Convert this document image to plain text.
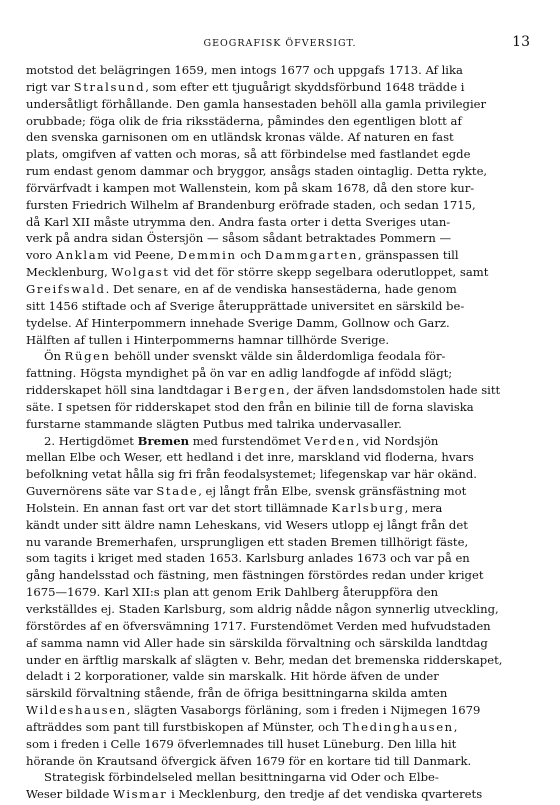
GEOGRAFISK ÖFVERSIGT.	13
motstod det belägringen 1659, men intogs 1677 och uppgafs 1713. Af lika
rigt var Stralsund, som efter ett tjuguårigt skyddsförbund 1648 trädde i
undersåtligt förhållande. Den gamla hansestaden behöll alla gamla privilegier
orubbade; föga olik de fria riksstäderna, påmindes den egentligen blott af
den svenska garnisonen om en utländsk kronas välde. Af naturen en fast
plats, omgifven af vatten och moras, så att förbindelse med fastlandet egde
rum endast genom dammar och bryggor, ansågs staden ointaglig. Detta rykte,
förvärfvadt i kampen mot Wallenstein, kom på skam 1678, då den store kur-
fursten Friedrich Wilhelm af Brandenburg eröfrade staden, och sedan 1715,
då Karl XII måste utrymma den. Andra fasta orter i detta Sveriges utan-
verk på andra sidan Östersjön — såsom sådant betraktades Pommern —
voro Anklam vid Peene, Demmin och Dammgarten, gränspassen till
Mecklenburg, Wolgast vid det för större skepp segelbara oderutloppet, samt
Greifswald. Det senare, en af de vendiska hansestäderna, hade genom
sitt 1456 stiftade och af Sverige återupprättade universitet en särskild be-
tydelse. Af Hinterpommern innehade Sverige Damm, Gollnow och Garz.
Hälften af tullen i Hinterpommerns hamnar tillhörde Sverige.
Ön Rügen behöll under svenskt välde sin ålderdomliga feodala för-
fattning. Högsta myndighet på ön var en adlig landfogde af infödd slägt;
ridderskapet höll sina landtdagar i Bergen, der äfven landsdomstolen hade sitt
säte. I spetsen för ridderskapet stod den från en bilinie till de forna slaviska
furstarne stammande slägten Putbus med talrika undervasaller.
2. Hertigdömet Bremen med furstendömet Verden, vid Nordsjön
mellan Elbe och Weser, ett hedland i det inre, marskland vid floderna, hvars
befolkning vetat hålla sig fri från feodalsystemet; lifegenskap var här okänd.
Guvernörens säte var Stade, ej långt från Elbe, svensk gränsfästning mot
Holstein. En annan fast ort var det stort tillämnade Karlsburg, mera
kändt under sitt äldre namn Leheskans, vid Wesers utlopp ej långt från det
nu varande Bremerhafen, ursprungligen ett staden Bremen tillhörigt fäste,
som tagits i kriget med staden 1653. Karlsburg anlades 1673 och var på en
gång handelsstad och fästning, men fästningen förstördes redan under kriget
1675—1679. Karl XII:s plan att genom Erik Dahlberg återuppföra den
verkställdes ej. Staden Karlsburg, som aldrig nådde någon synnerlig utveckling,
förstördes af en öfversvämning 1717. Furstendömet Verden med hufvudstaden
af samma namn vid Aller hade sin särskilda förvaltning och särskilda landtdag
under en ärftlig marskalk af slägten v. Behr, medan det bremenska ridderskapet,
deladt i 2 korporationer, valde sin marskalk. Hit hörde äfven de under
särskild förvaltning stående, från de öfriga besittningarna skilda amten
Wildeshausen, slägten Vasaborgs förläning, som i freden i Nijmegen 1679
afträddes som pant till furstbiskopen af Münster, och Thedinghausen,
som i freden i Celle 1679 öfverlemnades till huset Lüneburg. Den lilla hit
hörande ön Krautsand öfvergick äfven 1679 för en kortare tid till Danmark.
Strategisk förbindelseled mellan besittningarna vid Oder och Elbe-
Weser bildade Wismar i Mecklenburg, den tredje af det vendiska qvarterets
